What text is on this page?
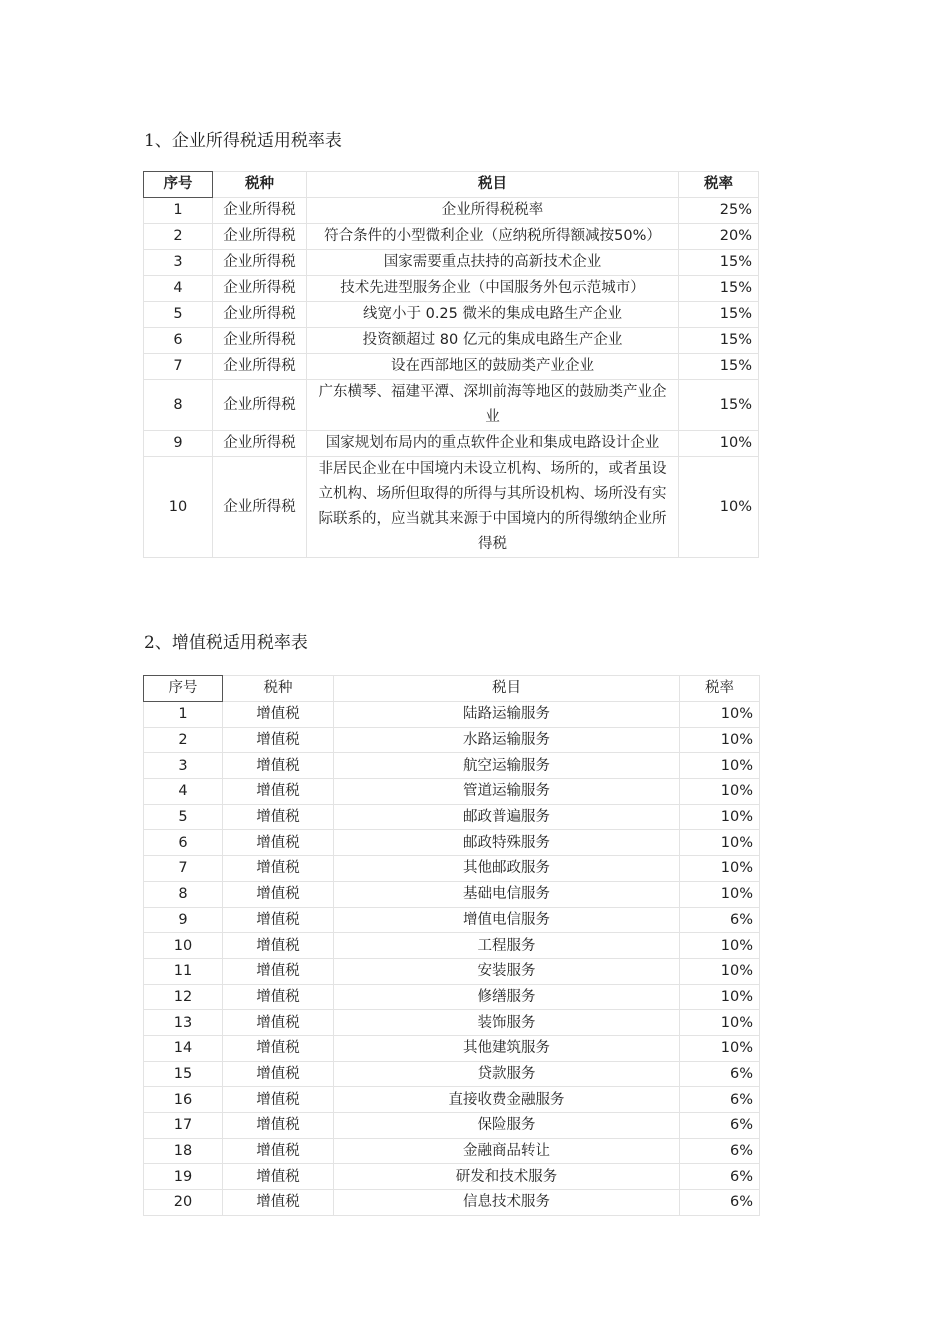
1、企业所得税适用税率表
序号	税种	税目	税率
1	企业所得税	企业所得税税率	25%
2	企业所得税	符合条件的小型微利企业（应纳税所得额减按50%）	20%
3	企业所得税	国家需要重点扶持的高新技术企业	15%
4	企业所得税	技术先进型服务企业（中国服务外包示范城市）	15%
5	企业所得税	线宽小于 0.25 微米的集成电路生产企业	15%
6	企业所得税	投资额超过 80 亿元的集成电路生产企业	15%
7	企业所得税	设在西部地区的鼓励类产业企业	15%
8	企业所得税	广东横琴、福建平潭、深圳前海等地区的鼓励类产业企业	15%
9	企业所得税	国家规划布局内的重点软件企业和集成电路设计企业	10%
10	企业所得税	非居民企业在中国境内未设立机构、场所的，或者虽设立机构、场所但取得的所得与其所设机构、场所没有实际联系的，应当就其来源于中国境内的所得缴纳企业所得税	10%
2、增值税适用税率表
序号	税种	税目	税率
1	增值税	陆路运输服务	10%
2	增值税	水路运输服务	10%
3	增值税	航空运输服务	10%
4	增值税	管道运输服务	10%
5	增值税	邮政普遍服务	10%
6	增值税	邮政特殊服务	10%
7	增值税	其他邮政服务	10%
8	增值税	基础电信服务	10%
9	增值税	增值电信服务	6%
10	增值税	工程服务	10%
11	增值税	安装服务	10%
12	增值税	修缮服务	10%
13	增值税	装饰服务	10%
14	增值税	其他建筑服务	10%
15	增值税	贷款服务	6%
16	增值税	直接收费金融服务	6%
17	增值税	保险服务	6%
18	增值税	金融商品转让	6%
19	增值税	研发和技术服务	6%
20	增值税	信息技术服务	6%
